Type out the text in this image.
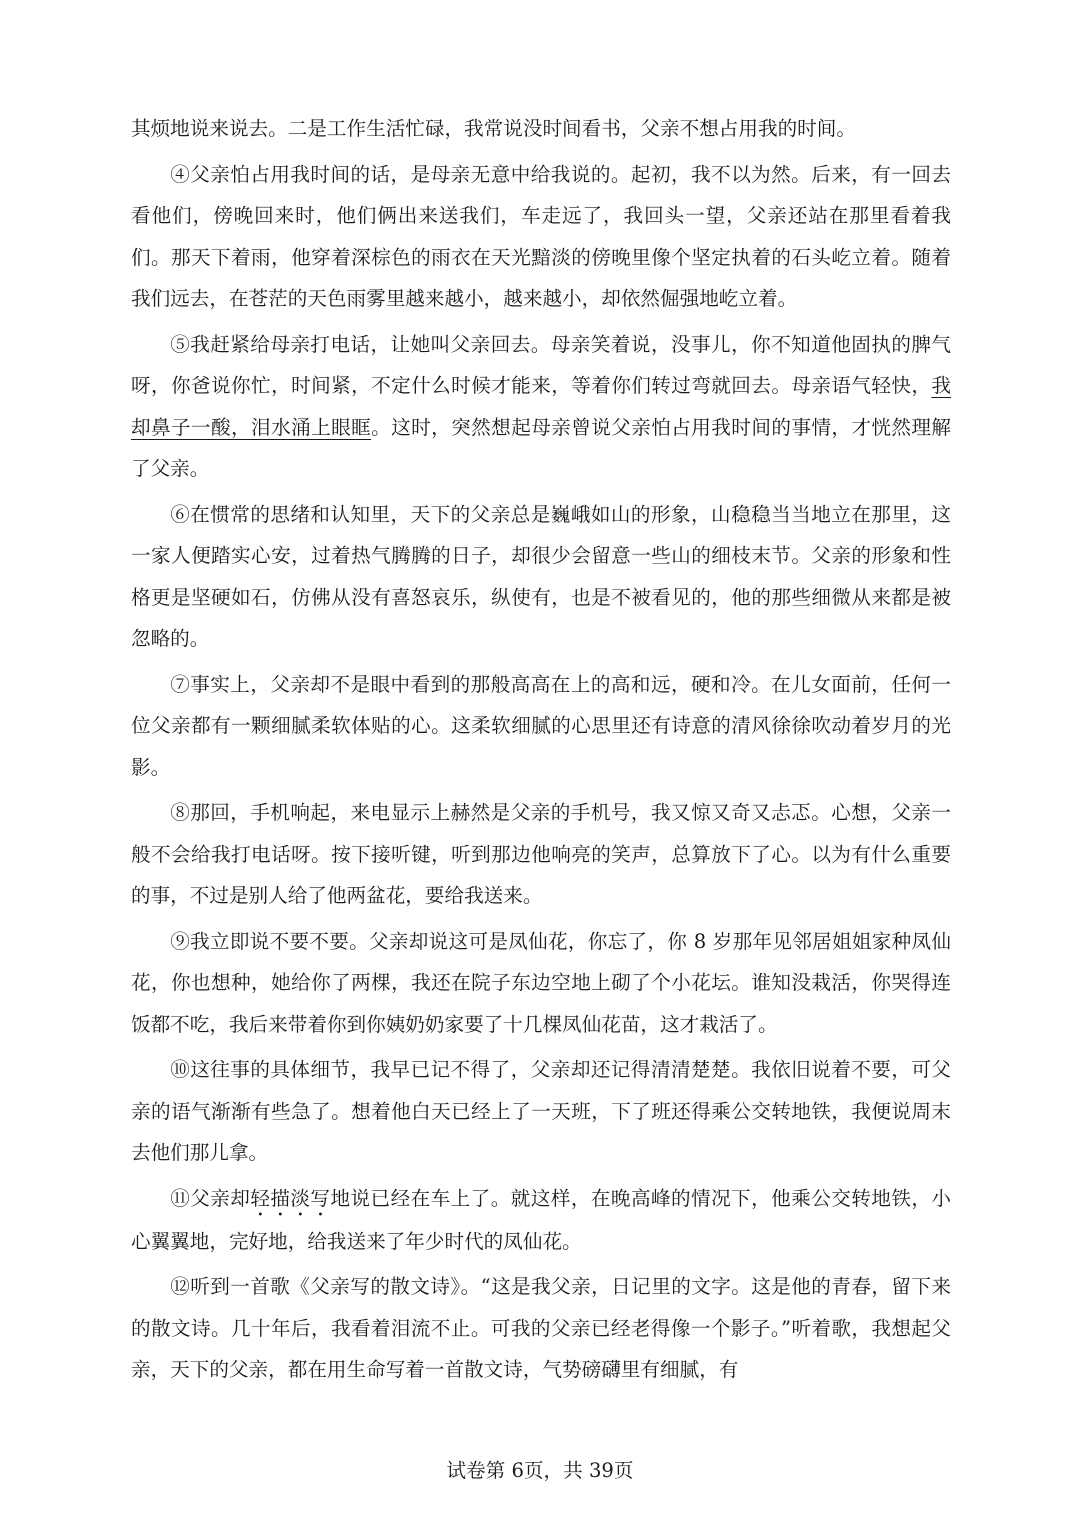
其烦地说来说去。二是工作生活忙碌，我常说没时间看书，父亲不想占用我的时间。

④父亲怕占用我时间的话，是母亲无意中给我说的。起初，我不以为然。后来，有一回去看他们，傍晚回来时，他们俩出来送我们，车走远了，我回头一望，父亲还站在那里看着我们。那天下着雨，他穿着深棕色的雨衣在天光黯淡的傍晚里像个坚定执着的石头屹立着。随着我们远去，在苍茫的天色雨雾里越来越小，越来越小，却依然倔强地屹立着。

⑤我赶紧给母亲打电话，让她叫父亲回去。母亲笑着说，没事儿，你不知道他固执的脾气呀，你爸说你忙，时间紧，不定什么时候才能来，等着你们转过弯就回去。母亲语气轻快，我却鼻子一酸，泪水涌上眼眶。这时，突然想起母亲曾说父亲怕占用我时间的事情，才恍然理解了父亲。

⑥在惯常的思绪和认知里，天下的父亲总是巍峨如山的形象，山稳稳当当地立在那里，这一家人便踏实心安，过着热气腾腾的日子，却很少会留意一些山的细枝末节。父亲的形象和性格更是坚硬如石，仿佛从没有喜怒哀乐，纵使有，也是不被看见的，他的那些细微从来都是被忽略的。

⑦事实上，父亲却不是眼中看到的那般高高在上的高和远，硬和冷。在儿女面前，任何一位父亲都有一颗细腻柔软体贴的心。这柔软细腻的心思里还有诗意的清风徐徐吹动着岁月的光影。

⑧那回，手机响起，来电显示上赫然是父亲的手机号，我又惊又奇又忐忑。心想，父亲一般不会给我打电话呀。按下接听键，听到那边他响亮的笑声，总算放下了心。以为有什么重要的事，不过是别人给了他两盆花，要给我送来。

⑨我立即说不要不要。父亲却说这可是凤仙花，你忘了，你 8 岁那年见邻居姐姐家种凤仙花，你也想种，她给你了两棵，我还在院子东边空地上砌了个小花坛。谁知没栽活，你哭得连饭都不吃，我后来带着你到你姨奶奶家要了十几棵凤仙花苗，这才栽活了。

⑩这往事的具体细节，我早已记不得了，父亲却还记得清清楚楚。我依旧说着不要，可父亲的语气渐渐有些急了。想着他白天已经上了一天班，下了班还得乘公交转地铁，我便说周末去他们那儿拿。

⑪父亲却轻描淡写地说已经在车上了。就这样，在晚高峰的情况下，他乘公交转地铁，小心翼翼地，完好地，给我送来了年少时代的凤仙花。

⑫听到一首歌《父亲写的散文诗》。“这是我父亲，日记里的文字。这是他的青春，留下来的散文诗。几十年后，我看着泪流不止。可我的父亲已经老得像一个影子。”听着歌，我想起父亲，天下的父亲，都在用生命写着一首散文诗，气势磅礴里有细腻，有

试卷第 6页，共 39页
